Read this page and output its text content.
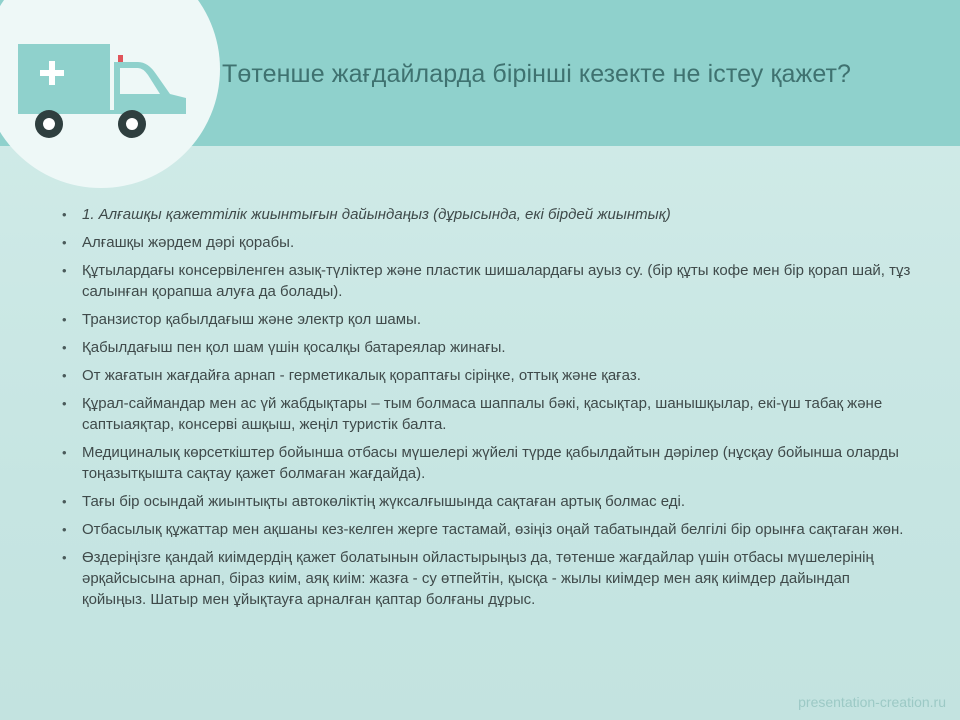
Төтенше жағдайларда бірінші кезекте не істеу қажет?
•	1. Алғашқы қажеттілік жиынтығын дайындаңыз (дұрысында, екі бірдей жиынтық)
•	Алғашқы жәрдем дәрі қорабы.
•	Құтылардағы консервіленген азық-түліктер және пластик шишалардағы ауыз су. (бір құты кофе мен бір қорап шай, тұз салынған қорапша алуға да болады).
•	Транзистор қабылдағыш және электр қол шамы.
•	Қабылдағыш пен қол шам үшін қосалқы батареялар жинағы.
•	От жағатын жағдайға арнап - герметикалық қораптағы сіріңке, оттық және қағаз.
•	Құрал-саймандар мен ас үй жабдықтары – тым болмаса шаппалы бәкі, қасықтар, шанышқылар, екі-үш табақ және саптыаяқтар, консерві ашқыш, жеңіл туристік балта.
•	Медициналық көрсеткіштер бойынша отбасы мүшелері жүйелі түрде қабылдайтын дәрілер (нұсқау бойынша оларды тоңазытқышта сақтау қажет болмаған жағдайда).
•	Тағы бір осындай жиынтықты автокөліктің жүксалғышында сақтаған артық болмас еді.
•	Отбасылық құжаттар мен ақшаны кез-келген жерге тастамай, өзіңіз оңай табатындай белгілі бір орынға сақтаған жөн.
•	Өздеріңізге қандай киімдердің қажет болатынын ойластырыңыз да, төтенше жағдайлар үшін отбасы мүшелерінің әрқайсысына арнап, біраз киім, аяқ киім: жазға - су өтпейтін, қысқа - жылы киімдер мен аяқ киімдер дайындап қойыңыз. Шатыр мен ұйықтауға арналған қаптар болғаны дұрыс.
presentation-creation.ru
